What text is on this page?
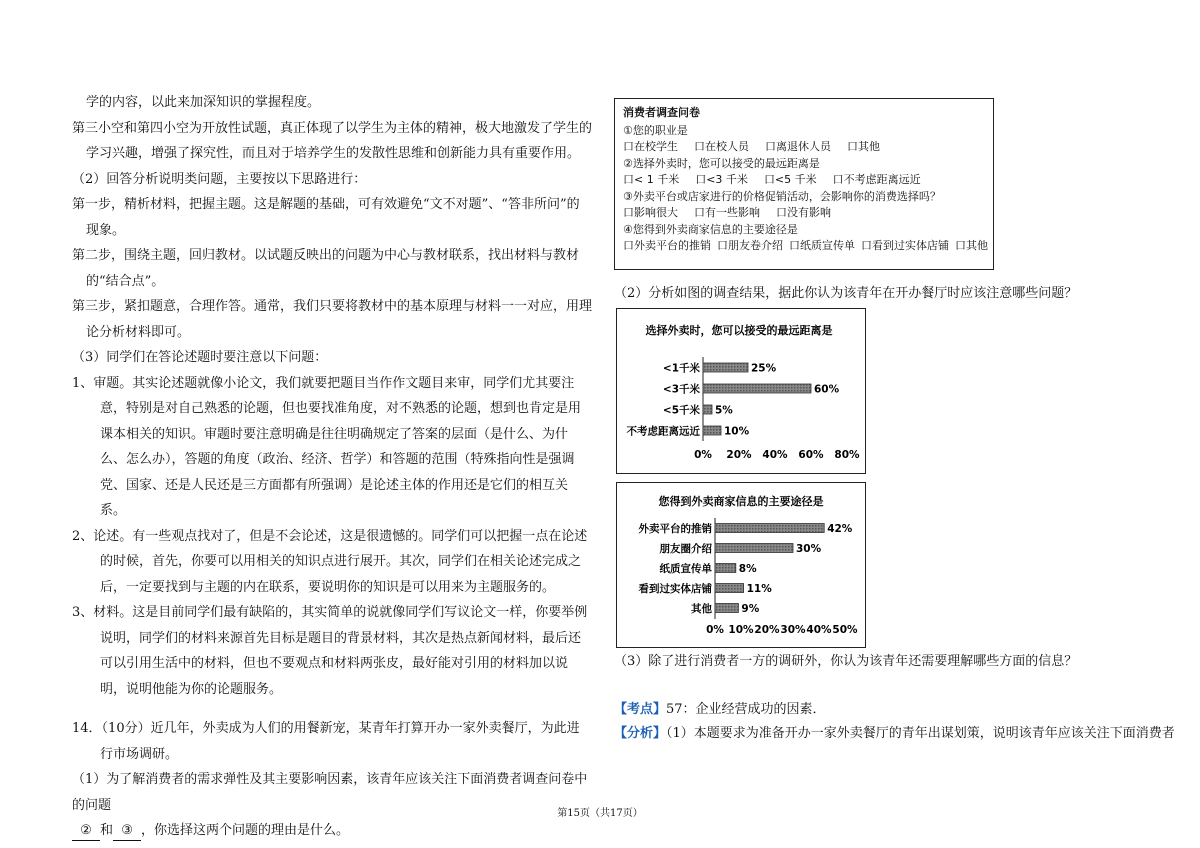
学的内容，以此来加深知识的掌握程度。

第三小空和第四小空为开放性试题，真正体现了以学生为主体的精神，极大地激发了学生的学习兴趣，增强了探究性，而且对于培养学生的发散性思维和创新能力具有重要作用。

（2）回答分析说明类问题，主要按以下思路进行：

第一步，精析材料，把握主题。这是解题的基础，可有效避免“文不对题”、“答非所问”的现象。

第二步，围绕主题，回归教材。以试题反映出的问题为中心与教材联系，找出材料与教材的“结合点”。

第三步，紧扣题意，合理作答。通常，我们只要将教材中的基本原理与材料一一对应，用理论分析材料即可。

（3）同学们在答论述题时要注意以下问题：

1、审题。其实论述题就像小论文，我们就要把题目当作作文题目来审，同学们尤其要注意，特别是对自己熟悉的论题，但也要找准角度，对不熟悉的论题，想到也肯定是用课本相关的知识。审题时要注意明确是往往明确规定了答案的层面（是什么、为什么、怎么办），答题的角度（政治、经济、哲学）和答题的范围（特殊指向性是强调党、国家、还是人民还是三方面都有所强调）是论述主体的作用还是它们的相互关系。

2、论述。有一些观点找对了，但是不会论述，这是很遗憾的。同学们可以把握一点在论述的时候，首先，你要可以用相关的知识点进行展开。其次，同学们在相关论述完成之后，一定要找到与主题的内在联系，要说明你的知识是可以用来为主题服务的。

3、材料。这是目前同学们最有缺陷的，其实简单的说就像同学们写议论文一样，你要举例说明，同学们的材料来源首先目标是题目的背景材料，其次是热点新闻材料，最后还可以引用生活中的材料，但也不要观点和材料两张皮，最好能对引用的材料加以说明，说明他能为你的论题服务。

14．（10分）近几年，外卖成为人们的用餐新宠，某青年打算开办一家外卖餐厅，为此进行市场调研。

（1）为了解消费者的需求弹性及其主要影响因素，该青年应该关注下面消费者调查问卷中的问题

② 和 ③ ，你选择这两个问题的理由是什么。

消费者调查问卷
①您的职业是
口在校学生 口在校人员 口离退休人员 口其他
②选择外卖时，您可以接受的最远距离是
口< 1 千米 口<3 千米 口<5 千米 口不考虑距离远近
③外卖平台或店家进行的价格促销活动，会影响你的消费选择吗？
口影响很大 口有一些影响 口没有影响
④您得到外卖商家信息的主要途径是
口外卖平台的推销 口朋友卷介绍 口纸质宣传单 口看到过实体店铺 口其他
（2）分析如图的调查结果，据此你认为该青年在开办餐厅时应该注意哪些问题？
选择外卖时，您可以接受的最远距离是
0% 20% 40% 60% 80%
<1千米	25%
<3千米	60%
<5千米 5%
不考虑距离远近 10%
您得到外卖商家信息的主要途径是
0% 10% 20% 30% 40% 50%
外卖平台的推销	42%
朋友圈介绍	30%
纸质宣传单	8%
看到过实体店铺	11%
其他	9%
（3）除了进行消费者一方的调研外，你认为该青年还需要理解哪些方面的信息？
【考点】57：企业经营成功的因素．
【分析】（1）本题要求为准备开办一家外卖餐厅的青年出谋划策，说明该青年应该关注下面消费者
第15页（共17页）
